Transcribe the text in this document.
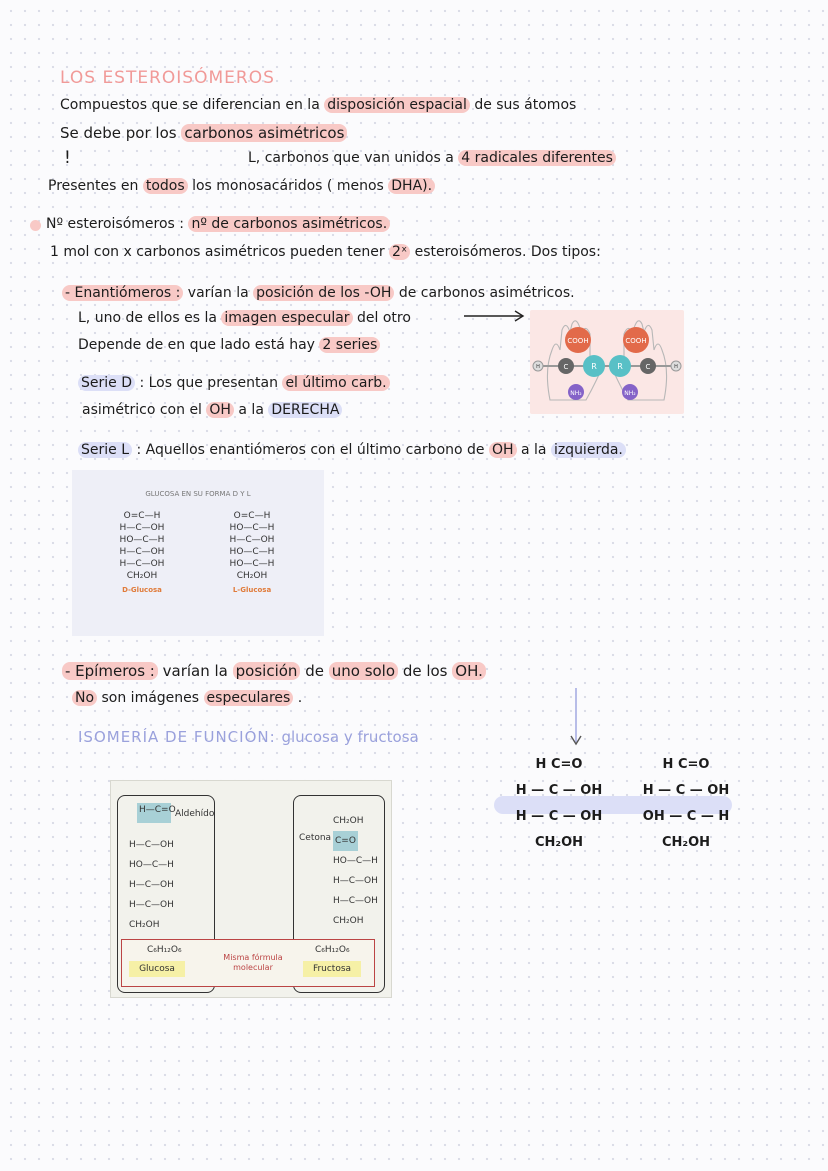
LOS ESTEROISÓMEROS
Compuestos que se diferencian en la disposición espacial de sus átomos
Se debe por los carbonos asimétricos
!	L, carbonos que van unidos a 4 radicales diferentes
Presentes en todos los monosacáridos ( menos DHA).
Nº esteroisómeros : nº de carbonos asimétricos.
1 mol con x carbonos asimétricos pueden tener 2ˣ esteroisómeros. Dos tipos:
- Enantiómeros : varían la posición de los -OH de carbonos asimétricos.
L, uno de ellos es la imagen especular del otro
Depende de en que lado está hay 2 series	COOH	COOH
R	R
C	C
H	H
NH₂	NH₂
Serie D : Los que presentan el último carb.
asimétrico con el OH a la DERECHA
Serie L : Aquellos enantiómeros con el último carbono de OH a la izquierda.
GLUCOSA EN SU FORMA D Y L
O=C—H
H—C—OH
HO—C—H
H—C—OH
H—C—OH
CH₂OH
D-Glucosa
O=C—H
HO—C—H
H—C—OH
HO—C—H
HO—C—H
CH₂OH
L-Glucosa
- Epímeros : varían la posición de uno solo de los OH.
No son imágenes especulares .
ISOMERÍA DE FUNCIÓN: glucosa y fructosa
H—C=O Aldehído
H—C—OH
HO—C—H
H—C—OH
H—C—OH
CH₂OH
CH₂OH
C=O
HO—C—H
H—C—OH
H—C—OH
CH₂OH
Cetona
C₆H₁₂O₆	C₆H₁₂O₆
Misma fórmula molecular
Glucosa	Fructosa
H C=O
H — C — OH
H — C — OH
CH₂OH
H C=O
H — C — OH
OH — C — H
CH₂OH
